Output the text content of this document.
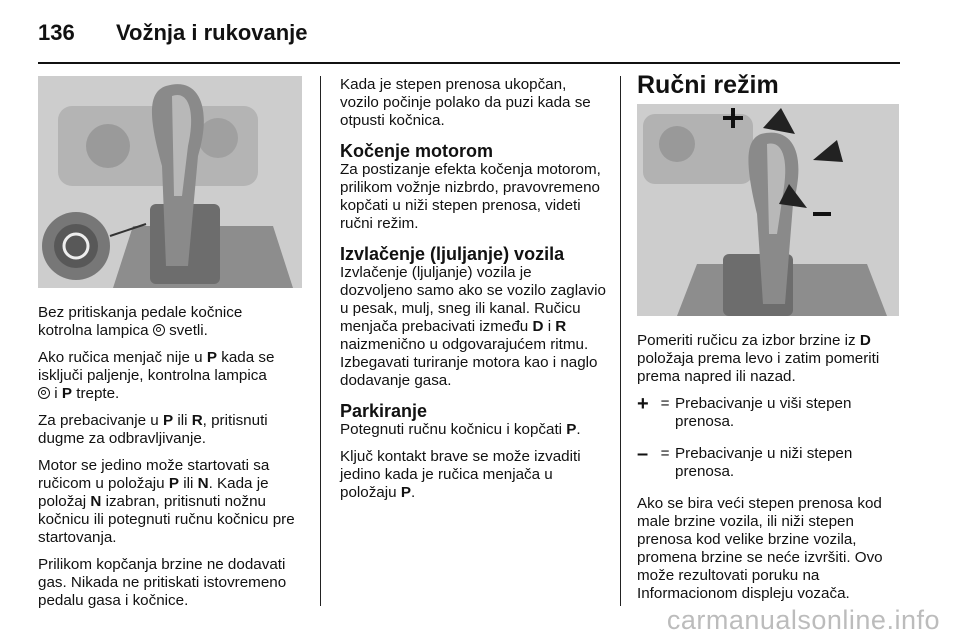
136 Vožnja i rukovanje

Bez pritiskanja pedale kočnice
kotrolna lampica svetli.

Ako ručica menjač nije u P kada se isključi paljenje, kontrolna lampica
i P trepte.

Za prebacivanje u P ili R, pritisnuti dugme za odbravljivanje.

Motor se jedino može startovati sa ručicom u položaju P ili N. Kada je položaj N izabran, pritisnuti nožnu kočnicu ili potegnuti ručnu kočnicu pre startovanja.

Prilikom kopčanja brzine ne dodavati gas. Nikada ne pritiskati istovremeno pedalu gasa i kočnice.

Kada je stepen prenosa ukopčan, vozilo počinje polako da puzi kada se otpusti kočnica.

Kočenje motorom

Za postizanje efekta kočenja motorom, prilikom vožnje nizbrdo, pravovremeno kopčati u niži stepen prenosa, videti ručni režim.

Izvlačenje (ljuljanje) vozila

Izvlačenje (ljuljanje) vozila je dozvoljeno samo ako se vozilo zaglavio u pesak, mulj, sneg ili kanal. Ručicu menjača prebacivati između D i R naizmenično u odgovarajućem ritmu. Izbegavati turiranje motora kao i naglo dodavanje gasa.

Parkiranje

Potegnuti ručnu kočnicu i kopčati P.

Ključ kontakt brave se može izvaditi jedino kada je ručica menjača u položaju P.

Ručni režim

Pomeriti ručicu za izbor brzine iz D položaja prema levo i zatim pomeriti prema napred ili nazad.

+ = Prebacivanje u viši stepen prenosa.
– = Prebacivanje u niži stepen prenosa.

Ako se bira veći stepen prenosa kod male brzine vozila, ili niži stepen prenosa kod velike brzine vozila, promena brzine se neće izvršiti. Ovo može rezultovati poruku na Informacionom displeju vozača.

carmanualsonline.info
